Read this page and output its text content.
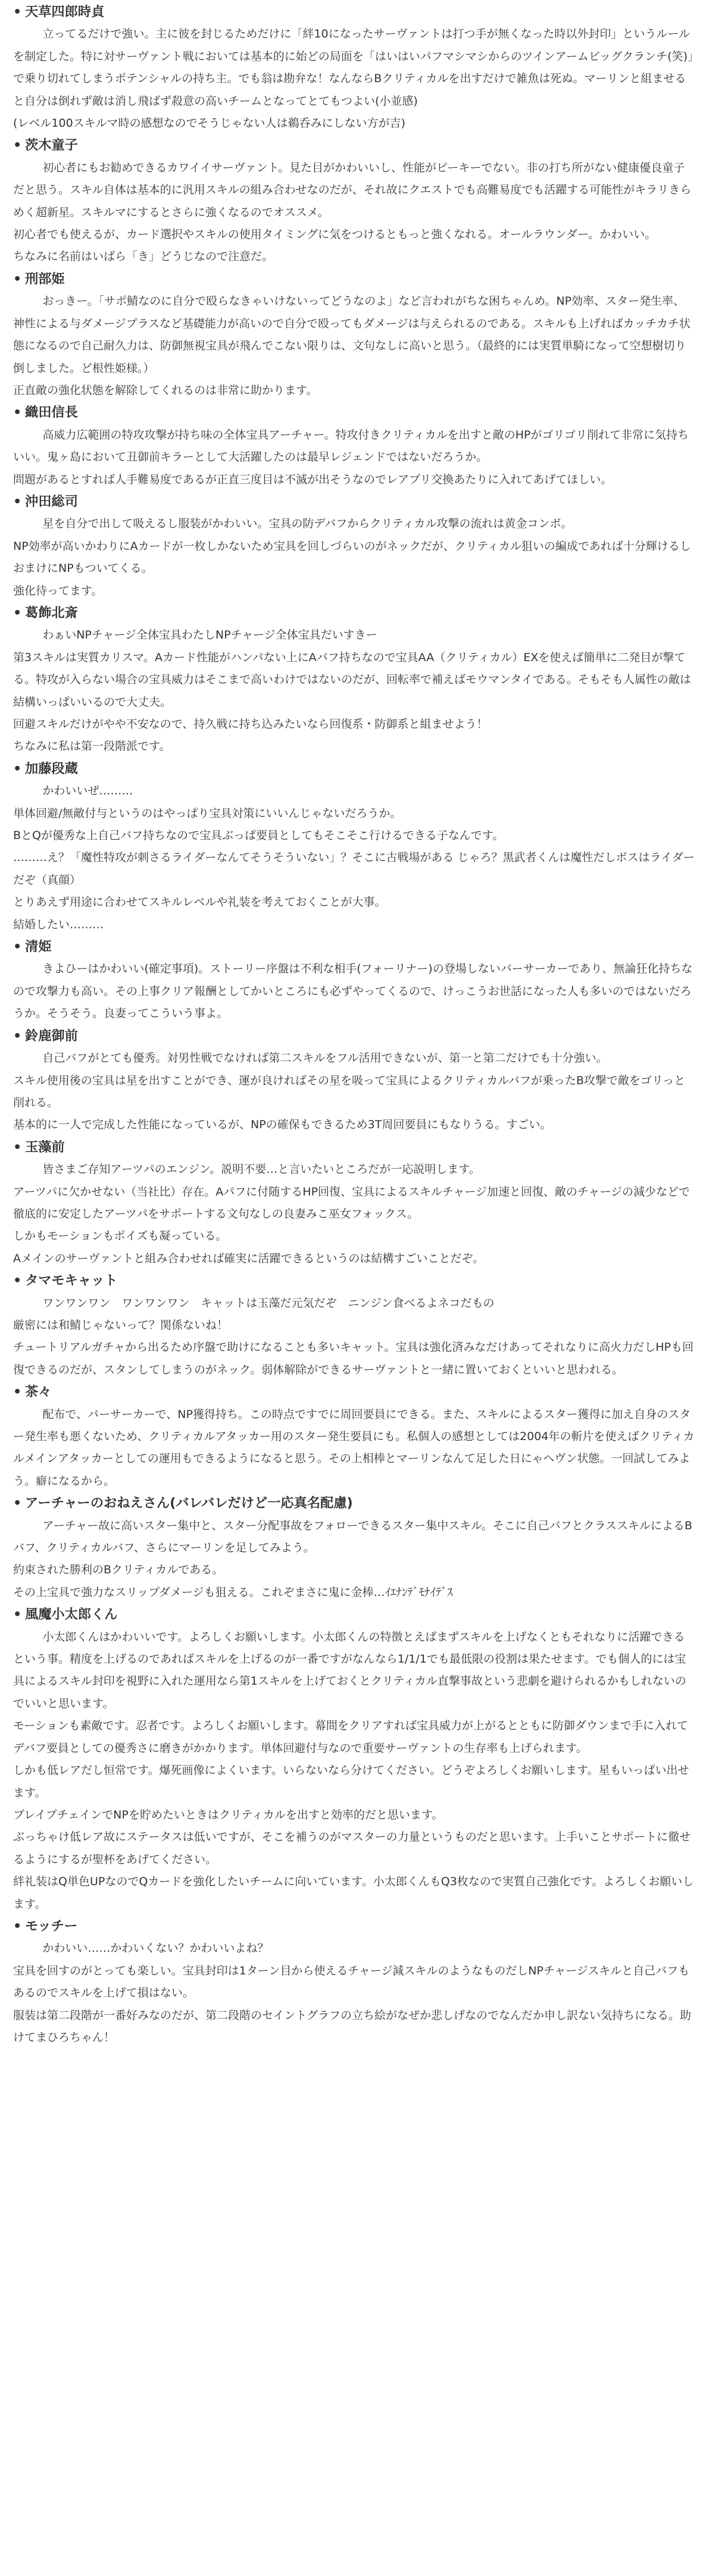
• 天草四郎時貞

立ってるだけで強い。主に彼を封じるためだけに「絆10になったサーヴァントは打つ手が無くなった時以外封印」というルールを制定した。特に対サーヴァント戦においては基本的に始どの局面を「はいはいパフマシマシからのツインアームビッグクランチ(笑)」で乗り切れてしまうポテンシャルの持ち主。でも翁は勘弁な！なんならBクリティカルを出すだけで雑魚は死ぬ。マーリンと組ませると自分は倒れず敵は消し飛ばず殺意の高いチームとなってとてもつよい(小並感)

(レベル100スキルマ時の感想なのでそうじゃない人は鵜呑みにしない方が吉)

• 茨木童子

初心者にもお勧めできるカワイイサーヴァント。見た目がかわいいし、性能がピーキーでない。非の打ち所がない健康優良童子だと思う。スキル自体は基本的に汎用スキルの組み合わせなのだが、それ故にクエストでも高難易度でも活躍する可能性がキラリきらめく超新星。スキルマにするとさらに強くなるのでオススメ。

初心者でも使えるが、カード選択やスキルの使用タイミングに気をつけるともっと強くなれる。オールラウンダー。かわいい。

ちなみに名前はいばら「き」どうじなので注意だ。

• 刑部姫

おっきー。「サポ鯖なのに自分で殴らなきゃいけないってどうなのよ」など言われがちな困ちゃんめ。NP効率、スター発生率、神性による与ダメージプラスなど基礎能力が高いので自分で殴ってもダメージは与えられるのである。スキルも上げればカッチカチ状態になるので自己耐久力は、防御無視宝具が飛んでこない限りは、文句なしに高いと思う。（最終的には実質単騎になって空想樹切り倒しました。ど根性姫様。）

正直敵の強化状態を解除してくれるのは非常に助かります。

• 織田信長

高威力広範囲の特攻攻撃が持ち味の全体宝具アーチャー。特攻付きクリティカルを出すと敵のHPがゴリゴリ削れて非常に気持ちいい。鬼ヶ島において丑御前キラーとして大活躍したのは最早レジェンドではないだろうか。

問題があるとすれば人手難易度であるが正直三度目は不滅が出そうなのでレアプリ交換あたりに入れてあげてほしい。

• 沖田総司

星を自分で出して吸えるし服装がかわいい。宝具の防デバフからクリティカル攻撃の流れは黄金コンボ。

NP効率が高いかわりにAカードが一枚しかないため宝具を回しづらいのがネックだが、クリティカル狙いの編成であれば十分輝けるしおまけにNPもついてくる。

強化待ってます。

• 葛飾北斎

わぁいNPチャージ全体宝具わたしNPチャージ全体宝具だいすきー

第3スキルは実質カリスマ。Aカード性能がハンパない上にAバフ持ちなので宝具AA（クリティカル）EXを使えば簡単に二発目が撃てる。特攻が入らない場合の宝具威力はそこまで高いわけではないのだが、回転率で補えばモウマンタイである。そもそも人属性の敵は結構いっぱいいるので大丈夫。

回避スキルだけがやや不安なので、持久戦に持ち込みたいなら回復系・防御系と組ませよう！

ちなみに私は第一段階派です。

• 加藤段蔵

かわいいぜ………

単体回避/無敵付与というのはやっぱり宝具対策にいいんじゃないだろうか。

BとQが優秀な上自己バフ持ちなので宝具ぶっぱ要員としてもそこそこ行けるできる子なんです。

………え？「魔性特攻が刺さるライダーなんてそうそういない」？そこに古戦場がある じゃろ？黒武者くんは魔性だしボスはライダーだぞ（真顔）

とりあえず用途に合わせてスキルレベルや礼装を考えておくことが大事。

結婚したい………

• 清姫

きよひーはかわいい(確定事項)。ストーリー序盤は不利な相手(フォーリナー)の登場しないバーサーカーであり、無論狂化持ちなので攻撃力も高い。その上事クリア報酬としてかいところにも必ずやってくるので、けっこうお世話になった人も多いのではないだろうか。そうそう。良妻ってこういう事よ。

• 鈴鹿御前

自己バフがとても優秀。対男性戦でなければ第二スキルをフル活用できないが、第一と第二だけでも十分強い。

スキル使用後の宝具は星を出すことができ、運が良ければその星を吸って宝具によるクリティカルバフが乗ったB攻撃で敵をゴリっと削れる。

基本的に一人で完成した性能になっているが、NPの確保もできるため3T周回要員にもなりうる。すごい。

• 玉藻前

皆さまご存知アーツパのエンジン。説明不要…と言いたいところだが一応説明します。

アーツパに欠かせない（当社比）存在。Aパフに付随するHP回復、宝具によるスキルチャージ加速と回復、敵のチャージの減少などで徹底的に安定したアーツパをサポートする文句なしの良妻みこ巫女フォックス。

しかもモーションもポイズも凝っている。

Aメインのサーヴァントと組み合わせれば確実に活躍できるというのは結構すごいことだぞ。

• タマモキャット

ワンワンワン　ワンワンワン　キャットは玉藻だ元気だぞ　ニンジン食べるよネコだもの

厳密には和鯖じゃないって？関係ないね！

チュートリアルガチャから出るため序盤で助けになることも多いキャット。宝具は強化済みなだけあってそれなりに高火力だしHPも回復できるのだが、スタンしてしまうのがネック。弱体解除ができるサーヴァントと一緒に置いておくといいと思われる。

• 茶々

配布で、バーサーカーで、NP獲得持ち。この時点ですでに周回要員にできる。また、スキルによるスター獲得に加え自身のスター発生率も悪くないため、クリティカルアタッカー用のスター発生要員にも。私個人の感想としては2004年の斬片を使えばクリティカルメインアタッカーとしての運用もできるようになると思う。その上相棒とマーリンなんて足した日にゃヘヴン状態。一回試してみよう。癖になるから。

• アーチャーのおねえさん(バレバレだけど一応真名配慮)

アーチャー故に高いスター集中と、スター分配事故をフォローできるスター集中スキル。そこに自己バフとクラススキルによるBバフ、クリティカルバフ、さらにマーリンを足してみよう。

約束された勝利のBクリティカルである。

その上宝具で強力なスリップダメージも狙える。これぞまさに鬼に金棒…ｲｴﾅﾝﾃﾞﾓﾅｲﾃﾞｽ

• 風魔小太郎くん

小太郎くんはかわいいです。よろしくお願いします。小太郎くんの特徴とえばまずスキルを上げなくともそれなりに活躍できるという事。精度を上げるのであればスキルを上げるのが一番ですがなんなら1/1/1でも最低限の役割は果たせます。でも個人的には宝具によるスキル封印を視野に入れた運用なら第1スキルを上げておくとクリティカル直撃事故という悲劇を避けられるかもしれないのでいいと思います。

モーションも素敵です。忍者です。よろしくお願いします。幕間をクリアすれば宝具威力が上がるとともに防御ダウンまで手に入れてデバフ要員としての優秀さに磨きがかかります。単体回避付与なので重要サーヴァントの生存率も上げられます。

しかも低レアだし恒常です。爆死画像によくいます。いらないなら分けてください。どうぞよろしくお願いします。星もいっぱい出せます。

ブレイブチェインでNPを貯めたいときはクリティカルを出すと効率的だと思います。

ぶっちゃけ低レア故にステータスは低いですが、そこを補うのがマスターの力量というものだと思います。上手いことサポートに徹せるようにするが聖杯をあげてください。

絆礼装はQ単色UPなのでQカードを強化したいチームに向いています。小太郎くんもQ3枚なので実質自己強化です。よろしくお願いします。

• モッチー

かわいい……かわいくない？かわいいよね？

宝具を回すのがとっても楽しい。宝具封印は1ターン目から使えるチャージ減スキルのようなものだしNPチャージスキルと自己バフもあるのでスキルを上げて損はない。

服装は第二段階が一番好みなのだが、第二段階のセイントグラフの立ち絵がなぜか悲しげなのでなんだか申し訳ない気持ちになる。助けてまひろちゃん！
